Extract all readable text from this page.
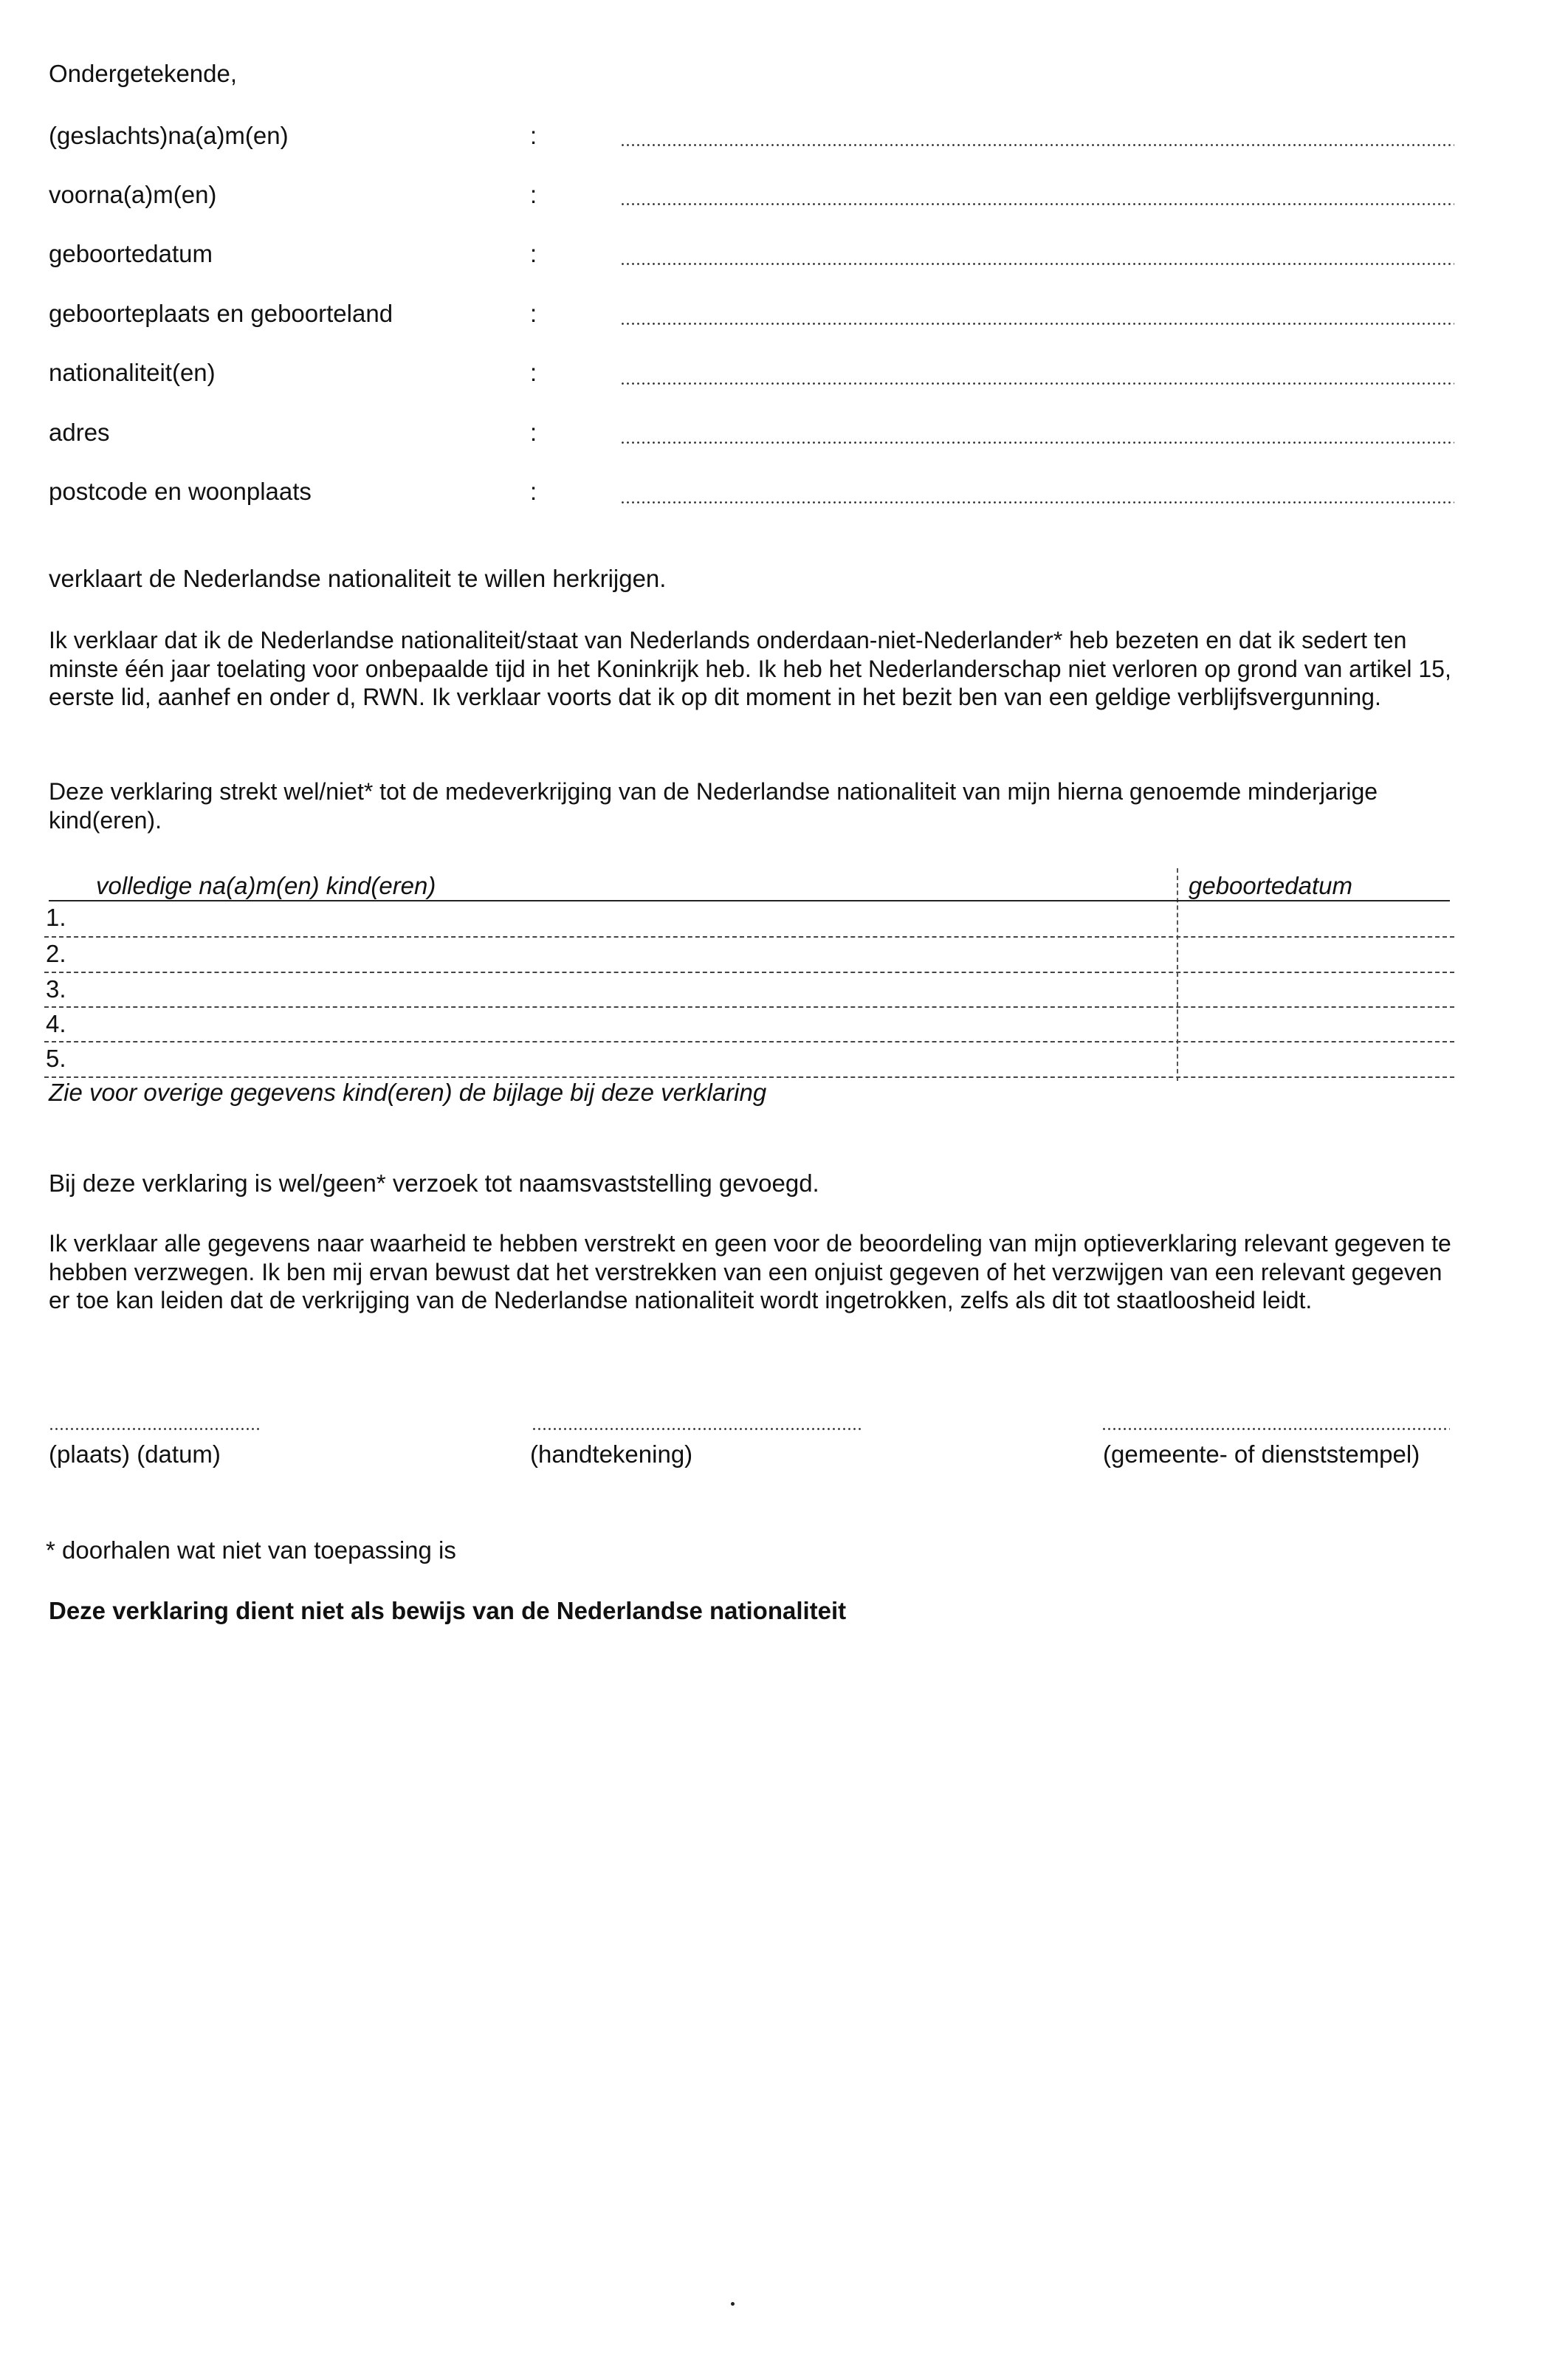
Ondergetekende,
(geslachts)na(a)m(en)	:
voorna(a)m(en)	:
geboortedatum	:
geboorteplaats en geboorteland	:
nationaliteit(en)	:
adres	:
postcode en woonplaats	:
verklaart de Nederlandse nationaliteit te willen herkrijgen.
Ik verklaar dat ik de Nederlandse nationaliteit/staat van Nederlands onderdaan-niet-Nederlander* heb bezeten en dat ik sedert ten minste één jaar toelating voor onbepaalde tijd in het Koninkrijk heb. Ik heb het Nederlanderschap niet verloren op grond van artikel 15, eerste lid, aanhef en onder d, RWN. Ik verklaar voorts dat ik op dit moment in het bezit ben van een geldige verblijfsvergunning.
Deze verklaring strekt wel/niet* tot de medeverkrijging van de Nederlandse nationaliteit van mijn hierna genoemde minderjarige kind(eren).
volledige na(a)m(en) kind(eren)	geboortedatum
1.
2.
3.
4.
5.
Zie voor overige gegevens kind(eren) de bijlage bij deze verklaring
Bij deze verklaring is wel/geen* verzoek tot naamsvaststelling gevoegd.
Ik verklaar alle gegevens naar waarheid te hebben verstrekt en geen voor de beoordeling van mijn optieverklaring relevant gegeven te hebben verzwegen. Ik ben mij ervan bewust dat het verstrekken van een onjuist gegeven of het verzwijgen van een relevant gegeven er toe kan leiden dat de verkrijging van de Nederlandse nationaliteit wordt ingetrokken, zelfs als dit tot staatloosheid leidt.
(plaats) (datum)	(handtekening)	(gemeente- of dienststempel)
* doorhalen wat niet van toepassing is
Deze verklaring dient niet als bewijs van de Nederlandse nationaliteit
